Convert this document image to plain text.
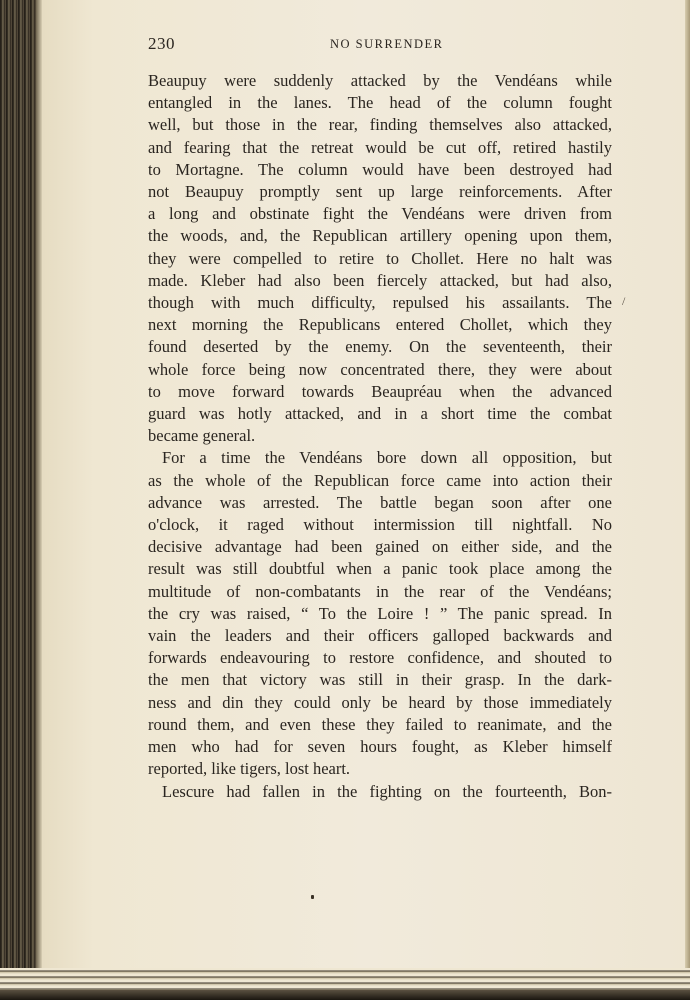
230	NO SURRENDER

Beaupuy were suddenly attacked by the Vendéans while

entangled in the lanes. The head of the column fought

well, but those in the rear, finding themselves also attacked,

and fearing that the retreat would be cut off, retired hastily

to Mortagne. The column would have been destroyed had

not Beaupuy promptly sent up large reinforcements. After

a long and obstinate fight the Vendéans were driven from

the woods, and, the Republican artillery opening upon them,

they were compelled to retire to Chollet. Here no halt was

made. Kleber had also been fiercely attacked, but had also,

though with much difficulty, repulsed his assailants. The

next morning the Republicans entered Chollet, which they

found deserted by the enemy. On the seventeenth, their

whole force being now concentrated there, they were about

to move forward towards Beaupréau when the advanced

guard was hotly attacked, and in a short time the combat

became general.

For a time the Vendéans bore down all opposition, but

as the whole of the Republican force came into action their

advance was arrested. The battle began soon after one

o'clock, it raged without intermission till nightfall. No

decisive advantage had been gained on either side, and the

result was still doubtful when a panic took place among the

multitude of non-combatants in the rear of the Vendéans;

the cry was raised, “ To the Loire ! ” The panic spread. In

vain the leaders and their officers galloped backwards and

forwards endeavouring to restore confidence, and shouted to

the men that victory was still in their grasp. In the dark-

ness and din they could only be heard by those immediately

round them, and even these they failed to reanimate, and the

men who had for seven hours fought, as Kleber himself

reported, like tigers, lost heart.

Lescure had fallen in the fighting on the fourteenth, Bon-

/
